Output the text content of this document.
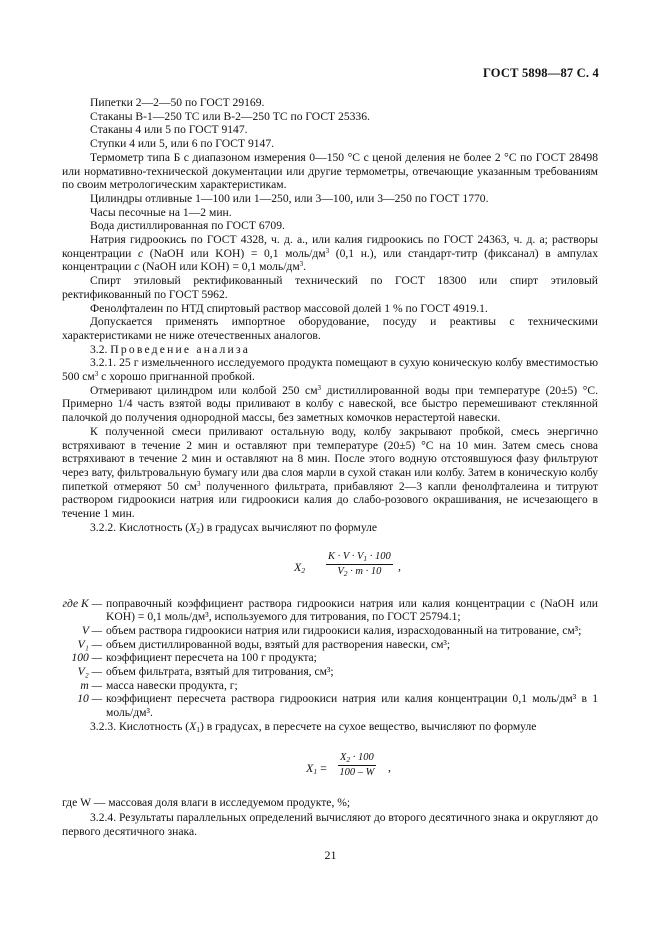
ГОСТ 5898—87 С. 4

Пипетки 2—2—50 по ГОСТ 29169.

Стаканы В-1—250 ТС или В-2—250 ТС по ГОСТ 25336.

Стаканы 4 или 5 по ГОСТ 9147.

Ступки 4 или 5, или 6 по ГОСТ 9147.

Термометр типа Б с диапазоном измерения 0—150 °С с ценой деления не более 2 °С по ГОСТ 28498 или нормативно-технической документации или другие термометры, отвечающие указанным требованиям по своим метрологическим характеристикам.

Цилиндры отливные 1—100 или 1—250, или 3—100, или 3—250 по ГОСТ 1770.

Часы песочные на 1—2 мин.

Вода дистиллированная по ГОСТ 6709.

Натрия гидроокись по ГОСТ 4328, ч. д. а., или калия гидроокись по ГОСТ 24363, ч. д. а; растворы концентрации c (NaOH или KOH) = 0,1 моль/$дм^3$ (0,1 н.), или стандарт-титр (фиксанал) в ампулах концентрации c (NaOH или KOH) = 0,1 моль/$дм^3$.

Спирт этиловый ректификованный технический по ГОСТ 18300 или спирт этиловый ректификованный по ГОСТ 5962.

Фенолфталеин по НТД спиртовый раствор массовой долей 1 % по ГОСТ 4919.1.

Допускается применять импортное оборудование, посуду и реактивы с техническими характеристиками не ниже отечественных аналогов.

3.2. Проведение анализа

3.2.1. 25 г измельченного исследуемого продукта помещают в сухую коническую колбу вместимостью 500 $см^3$ с хорошо пригнанной пробкой.

Отмеривают цилиндром или колбой 250 $см^3$ дистиллированной воды при температуре (20±5) °С. Примерно 1/4 часть взятой воды приливают в колбу с навеской, все быстро перемешивают стеклянной палочкой до получения однородной массы, без заметных комочков нерастертой навески.

К полученной смеси приливают остальную воду, колбу закрывают пробкой, смесь энергично встряхивают в течение 2 мин и оставляют при температуре (20±5) °С на 10 мин. Затем смесь снова встряхивают в течение 2 мин и оставляют на 8 мин. После этого водную отстоявшуюся фазу фильтруют через вату, фильтровальную бумагу или два слоя марли в сухой стакан или колбу. Затем в коническую колбу пипеткой отмеряют 50 $см^3$ полученного фильтрата, прибавляют 2—3 капли фенолфталеина и титруют раствором гидроокиси натрия или гидроокиси калия до слабо-розового окрашивания, не исчезающего в течение 1 мин.

3.2.2. Кислотность $(X_2)$ в градусах вычисляют по формуле

$X_2 \frac{K \cdot V \cdot V_1 \cdot 100}{V_2 \cdot m \cdot 10}$ ,
где K — поправочный коэффициент раствора гидроокиси натрия или калия концентрации c (NaOH или KOH) = 0,1 моль/дм³, используемого для титрования, по ГОСТ 25794.1;
V — объем раствора гидроокиси натрия или гидроокиси калия, израсходованный на титрование, см³;
V₁ — объем дистиллированной воды, взятый для растворения навески, см³;
100 — коэффициент пересчета на 100 г продукта;
V₂ — объем фильтрата, взятый для титрования, см³;
m — масса навески продукта, г;
10 — коэффициент пересчета раствора гидроокиси натрия или калия концентрации 0,1 моль/дм³ в 1 моль/дм³.

3.2.3. Кислотность $(X_1)$ в градусах, в пересчете на сухое вещество, вычисляют по формуле

$X_1 = \frac{X_2 \cdot 100}{100 - W}$ ,

где W — массовая доля влаги в исследуемом продукте, %;

3.2.4. Результаты параллельных определений вычисляют до второго десятичного знака и округляют до первого десятичного знака.

21
